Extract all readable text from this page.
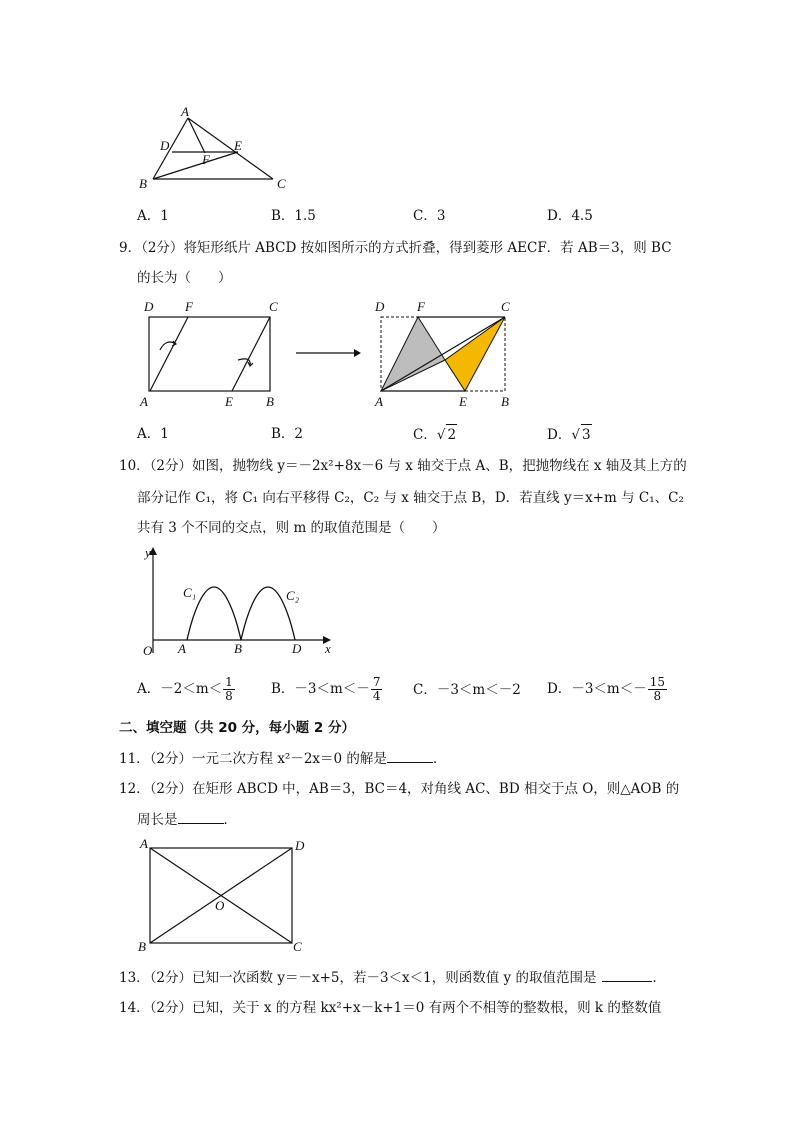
A
D	E
F
B	C
A．1	B．1.5	C．3	D．4.5
9．（2分）将矩形纸片 ABCD 按如图所示的方式折叠，得到菱形 AECF．若 AB＝3，则 BC
的长为（　　）
D F	C
A	E	B
D	F	C
A	E	B
A．1	B．2	C．√ 2	D．√ 3
10．（2分）如图，抛物线 y＝－2x²+8x－6 与 x 轴交于点 A、B，把抛物线在 x 轴及其上方的
部分记作 C₁，将 C₁ 向右平移得 C₂，C₂ 与 x 轴交于点 B，D．若直线 y＝x+m 与 C₁、C₂
共有 3 个不同的交点，则 m 的取值范围是（　　）
y
x
O A	B	D
C₁	C₂
A．$-2<m< \frac{1}{8}$	B．$-3<m<- \frac{7}{4}$ C．－3＜m＜－2 D．$-3<m<- \frac{15}{8}$
二、填空题（共 20 分，每小题 2 分）
11．（2分）一元二次方程 x²－2x＝0 的解是	．
12．（2分）在矩形 ABCD 中，AB＝3，BC＝4，对角线 AC、BD 相交于点 O，则△AOB 的
周长是	．
A	D
B	C
O
13．（2分）已知一次函数 y＝－x+5，若－3＜x＜1，则函数值 y 的取值范围是	．
14．（2分）已知，关于 x 的方程 kx²+x－k+1＝0 有两个不相等的整数根，则 k 的整数值
